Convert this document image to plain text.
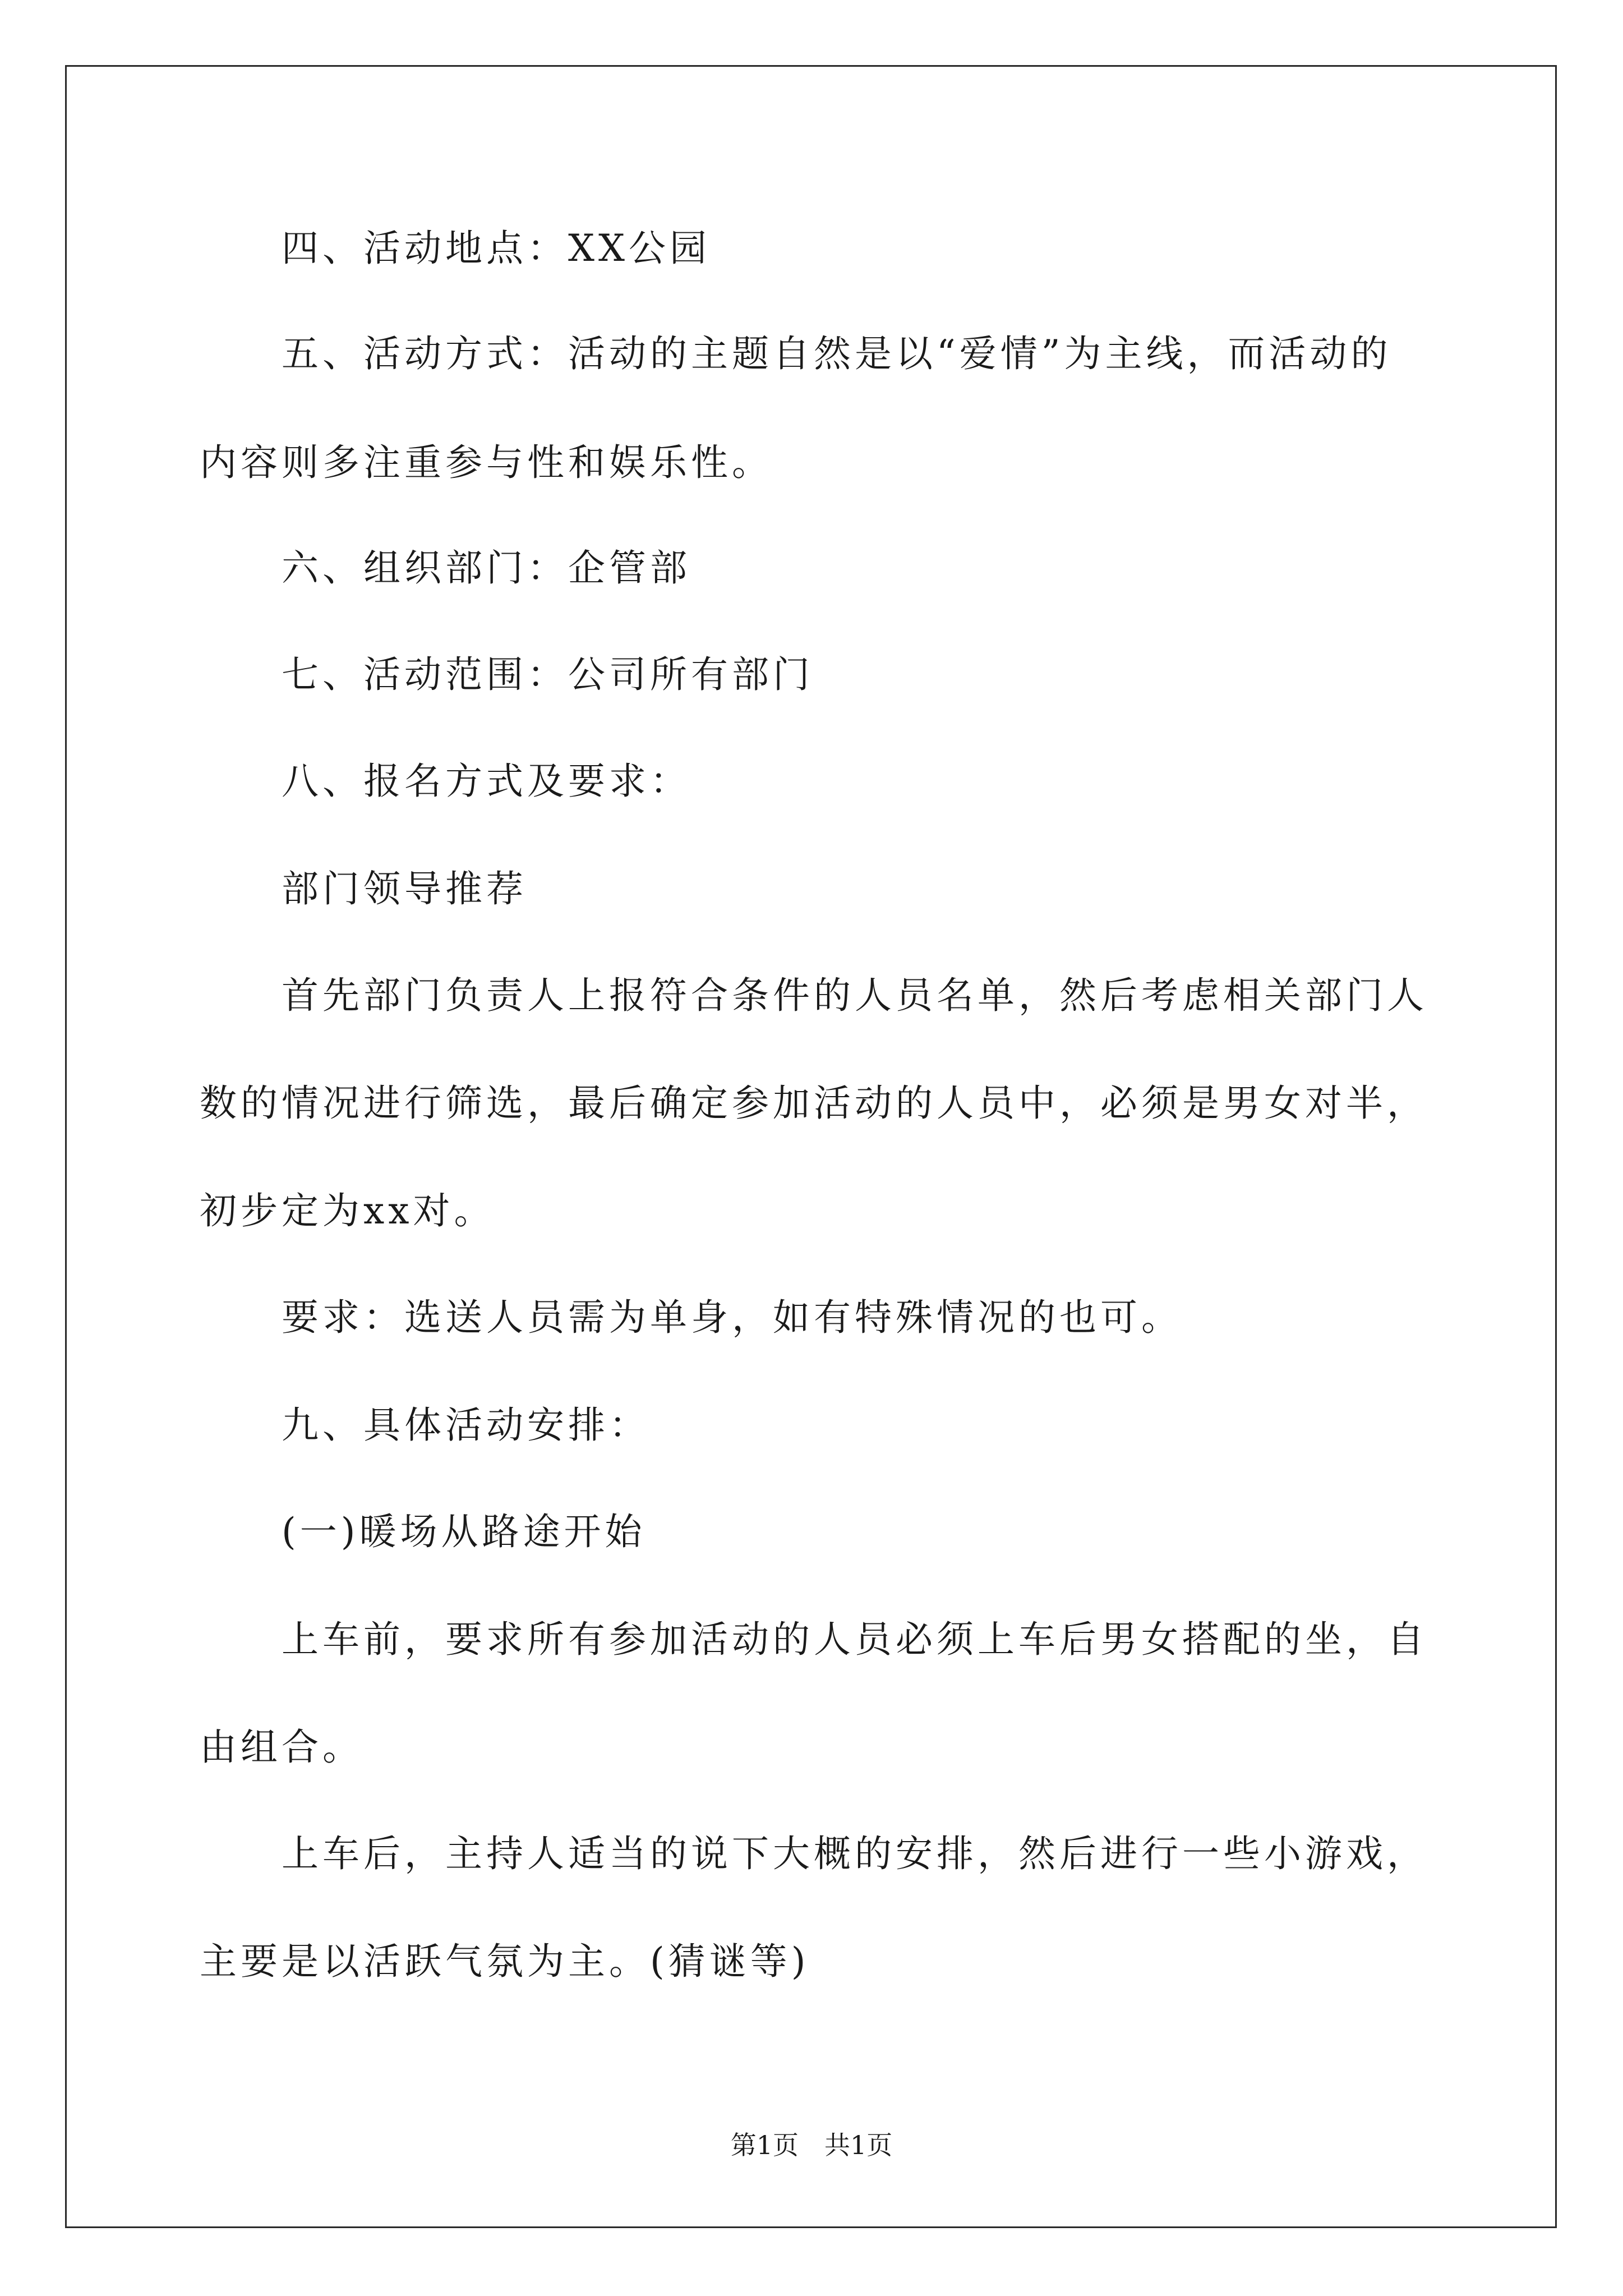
四、活动地点：XX公园

五、活动方式：活动的主题自然是以“爱情”为主线，而活动的

内容则多注重参与性和娱乐性。

六、组织部门：企管部

七、活动范围：公司所有部门

八、报名方式及要求：

部门领导推荐

首先部门负责人上报符合条件的人员名单，然后考虑相关部门人

数的情况进行筛选，最后确定参加活动的人员中，必须是男女对半，

初步定为xx对。

要求：选送人员需为单身，如有特殊情况的也可。

九、具体活动安排：

(一)暖场从路途开始

上车前，要求所有参加活动的人员必须上车后男女搭配的坐，自

由组合。

上车后，主持人适当的说下大概的安排，然后进行一些小游戏，

主要是以活跃气氛为主。(猜谜等)

第1页　共1页
